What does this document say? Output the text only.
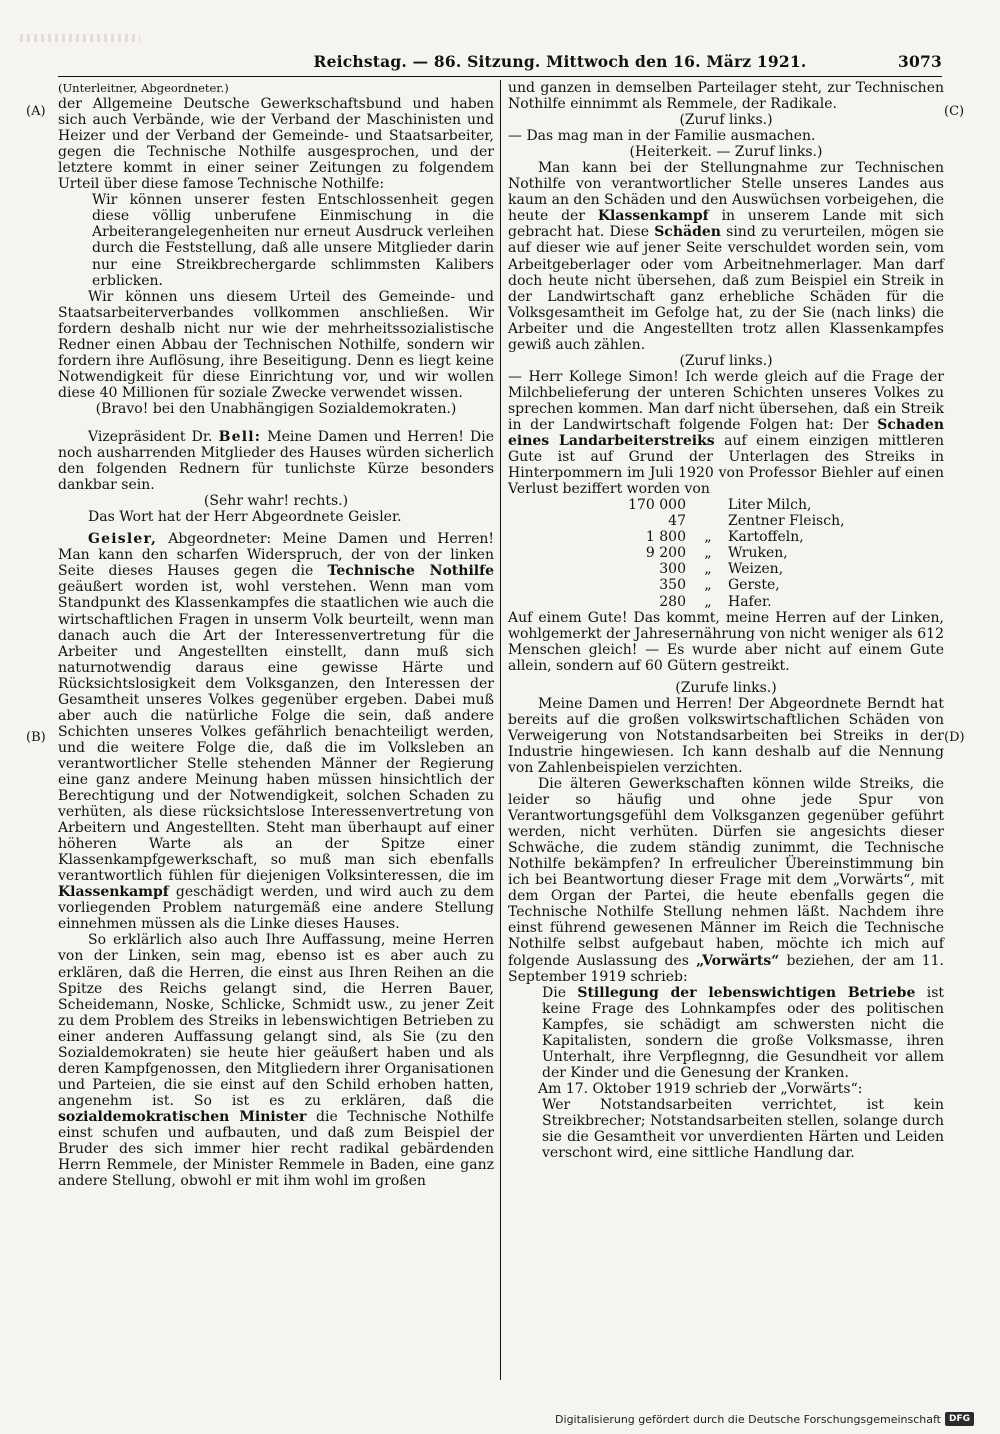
Reichstag. — 86. Sitzung. Mittwoch den 16. März 1921.	3073
(A)
(B)
(C)
(D)

(Unterleitner, Abgeordneter.)

der Allgemeine Deutsche Gewerkschaftsbund und haben sich auch Verbände, wie der Verband der Maschinisten und Heizer und der Verband der Gemeinde- und Staatsarbeiter, gegen die Technische Nothilfe ausgesprochen, und der letztere kommt in einer seiner Zeitungen zu folgendem Urteil über diese famose Technische Nothilfe:

Wir können unserer festen Entschlossenheit gegen diese völlig unberufene Einmischung in die Arbeiterangelegenheiten nur erneut Ausdruck verleihen durch die Feststellung, daß alle unsere Mitglieder darin nur eine Streikbrechergarde schlimmsten Kalibers erblicken.

Wir können uns diesem Urteil des Gemeinde- und Staatsarbeiterverbandes vollkommen anschließen. Wir fordern deshalb nicht nur wie der mehrheitssozialistische Redner einen Abbau der Technischen Nothilfe, sondern wir fordern ihre Auflösung, ihre Beseitigung. Denn es liegt keine Notwendigkeit für diese Einrichtung vor, und wir wollen diese 40 Millionen für soziale Zwecke verwendet wissen.

(Bravo! bei den Unabhängigen Sozialdemokraten.)

Vizepräsident Dr. Bell: Meine Damen und Herren! Die noch ausharrenden Mitglieder des Hauses würden sicherlich den folgenden Rednern für tunlichste Kürze besonders dankbar sein.

(Sehr wahr! rechts.)

Das Wort hat der Herr Abgeordnete Geisler.

Geisler, Abgeordneter: Meine Damen und Herren! Man kann den scharfen Widerspruch, der von der linken Seite dieses Hauses gegen die Technische Nothilfe geäußert worden ist, wohl verstehen. Wenn man vom Standpunkt des Klassenkampfes die staatlichen wie auch die wirtschaftlichen Fragen in unserm Volk beurteilt, wenn man danach auch die Art der Interessenvertretung für die Arbeiter und Angestellten einstellt, dann muß sich naturnotwendig daraus eine gewisse Härte und Rücksichtslosigkeit dem Volksganzen, den Interessen der Gesamtheit unseres Volkes gegenüber ergeben. Dabei muß aber auch die natürliche Folge die sein, daß andere Schichten unseres Volkes gefährlich benachteiligt werden, und die weitere Folge die, daß die im Volksleben an verantwortlicher Stelle stehenden Männer der Regierung eine ganz andere Meinung haben müssen hinsichtlich der Berechtigung und der Notwendigkeit, solchen Schaden zu verhüten, als diese rücksichtslose Interessenvertretung von Arbeitern und Angestellten. Steht man überhaupt auf einer höheren Warte als an der Spitze einer Klassenkampfgewerkschaft, so muß man sich ebenfalls verantwortlich fühlen für diejenigen Volksinteressen, die im Klassenkampf geschädigt werden, und wird auch zu dem vorliegenden Problem naturgemäß eine andere Stellung einnehmen müssen als die Linke dieses Hauses.

So erklärlich also auch Ihre Auffassung, meine Herren von der Linken, sein mag, ebenso ist es aber auch zu erklären, daß die Herren, die einst aus Ihren Reihen an die Spitze des Reichs gelangt sind, die Herren Bauer, Scheidemann, Noske, Schlicke, Schmidt usw., zu jener Zeit zu dem Problem des Streiks in lebenswichtigen Betrieben zu einer anderen Auffassung gelangt sind, als Sie (zu den Sozialdemokraten) sie heute hier geäußert haben und als deren Kampfgenossen, den Mitgliedern ihrer Organisationen und Parteien, die sie einst auf den Schild erhoben hatten, angenehm ist. So ist es zu erklären, daß die sozialdemokratischen Minister die Technische Nothilfe einst schufen und aufbauten, und daß zum Beispiel der Bruder des sich immer hier recht radikal gebärdenden Herrn Remmele, der Minister Remmele in Baden, eine ganz andere Stellung, obwohl er mit ihm wohl im großen

und ganzen in demselben Parteilager steht, zur Technischen Nothilfe einnimmt als Remmele, der Radikale.

(Zuruf links.)

— Das mag man in der Familie ausmachen.

(Heiterkeit. — Zuruf links.)

Man kann bei der Stellungnahme zur Technischen Nothilfe von verantwortlicher Stelle unseres Landes aus kaum an den Schäden und den Auswüchsen vorbeigehen, die heute der Klassenkampf in unserem Lande mit sich gebracht hat. Diese Schäden sind zu verurteilen, mögen sie auf dieser wie auf jener Seite verschuldet worden sein, vom Arbeitgeberlager oder vom Arbeitnehmerlager. Man darf doch heute nicht übersehen, daß zum Beispiel ein Streik in der Landwirtschaft ganz erhebliche Schäden für die Volksgesamtheit im Gefolge hat, zu der Sie (nach links) die Arbeiter und die Angestellten trotz allen Klassenkampfes gewiß auch zählen.

(Zuruf links.)

— Herr Kollege Simon! Ich werde gleich auf die Frage der Milchbelieferung der unteren Schichten unseres Volkes zu sprechen kommen. Man darf nicht übersehen, daß ein Streik in der Landwirtschaft folgende Folgen hat: Der Schaden eines Landarbeiterstreiks auf einem einzigen mittleren Gute ist auf Grund der Unterlagen des Streiks in Hinterpommern im Juli 1920 von Professor Biehler auf einen Verlust beziffert worden von

170 000		Liter Milch,
47		Zentner Fleisch,
1 800	„	Kartoffeln,
9 200	„	Wruken,
300	„	Weizen,
350	„	Gerste,
280	„	Hafer.

Auf einem Gute! Das kommt, meine Herren auf der Linken, wohlgemerkt der Jahresernährung von nicht weniger als 612 Menschen gleich! — Es wurde aber nicht auf einem Gute allein, sondern auf 60 Gütern gestreikt.

(Zurufe links.)

Meine Damen und Herren! Der Abgeordnete Berndt hat bereits auf die großen volkswirtschaftlichen Schäden von Verweigerung von Notstandsarbeiten bei Streiks in der Industrie hingewiesen. Ich kann deshalb auf die Nennung von Zahlenbeispielen verzichten.

Die älteren Gewerkschaften können wilde Streiks, die leider so häufig und ohne jede Spur von Verantwortungsgefühl dem Volksganzen gegenüber geführt werden, nicht verhüten. Dürfen sie angesichts dieser Schwäche, die zudem ständig zunimmt, die Technische Nothilfe bekämpfen? In erfreulicher Übereinstimmung bin ich bei Beantwortung dieser Frage mit dem „Vorwärts“, mit dem Organ der Partei, die heute ebenfalls gegen die Technische Nothilfe Stellung nehmen läßt. Nachdem ihre einst führend gewesenen Männer im Reich die Technische Nothilfe selbst aufgebaut haben, möchte ich mich auf folgende Auslassung des „Vorwärts“ beziehen, der am 11. September 1919 schrieb:

Die Stillegung der lebenswichtigen Betriebe ist keine Frage des Lohnkampfes oder des politischen Kampfes, sie schädigt am schwersten nicht die Kapitalisten, sondern die große Volksmasse, ihren Unterhalt, ihre Verpflegnng, die Gesundheit vor allem der Kinder und die Genesung der Kranken.

Am 17. Oktober 1919 schrieb der „Vorwärts“:

Wer Notstandsarbeiten verrichtet, ist kein Streikbrecher; Notstandsarbeiten stellen, solange durch sie die Gesamtheit vor unverdienten Härten und Leiden verschont wird, eine sittliche Handlung dar.

Digitalisierung gefördert durch die Deutsche Forschungsgemeinschaft DFG
